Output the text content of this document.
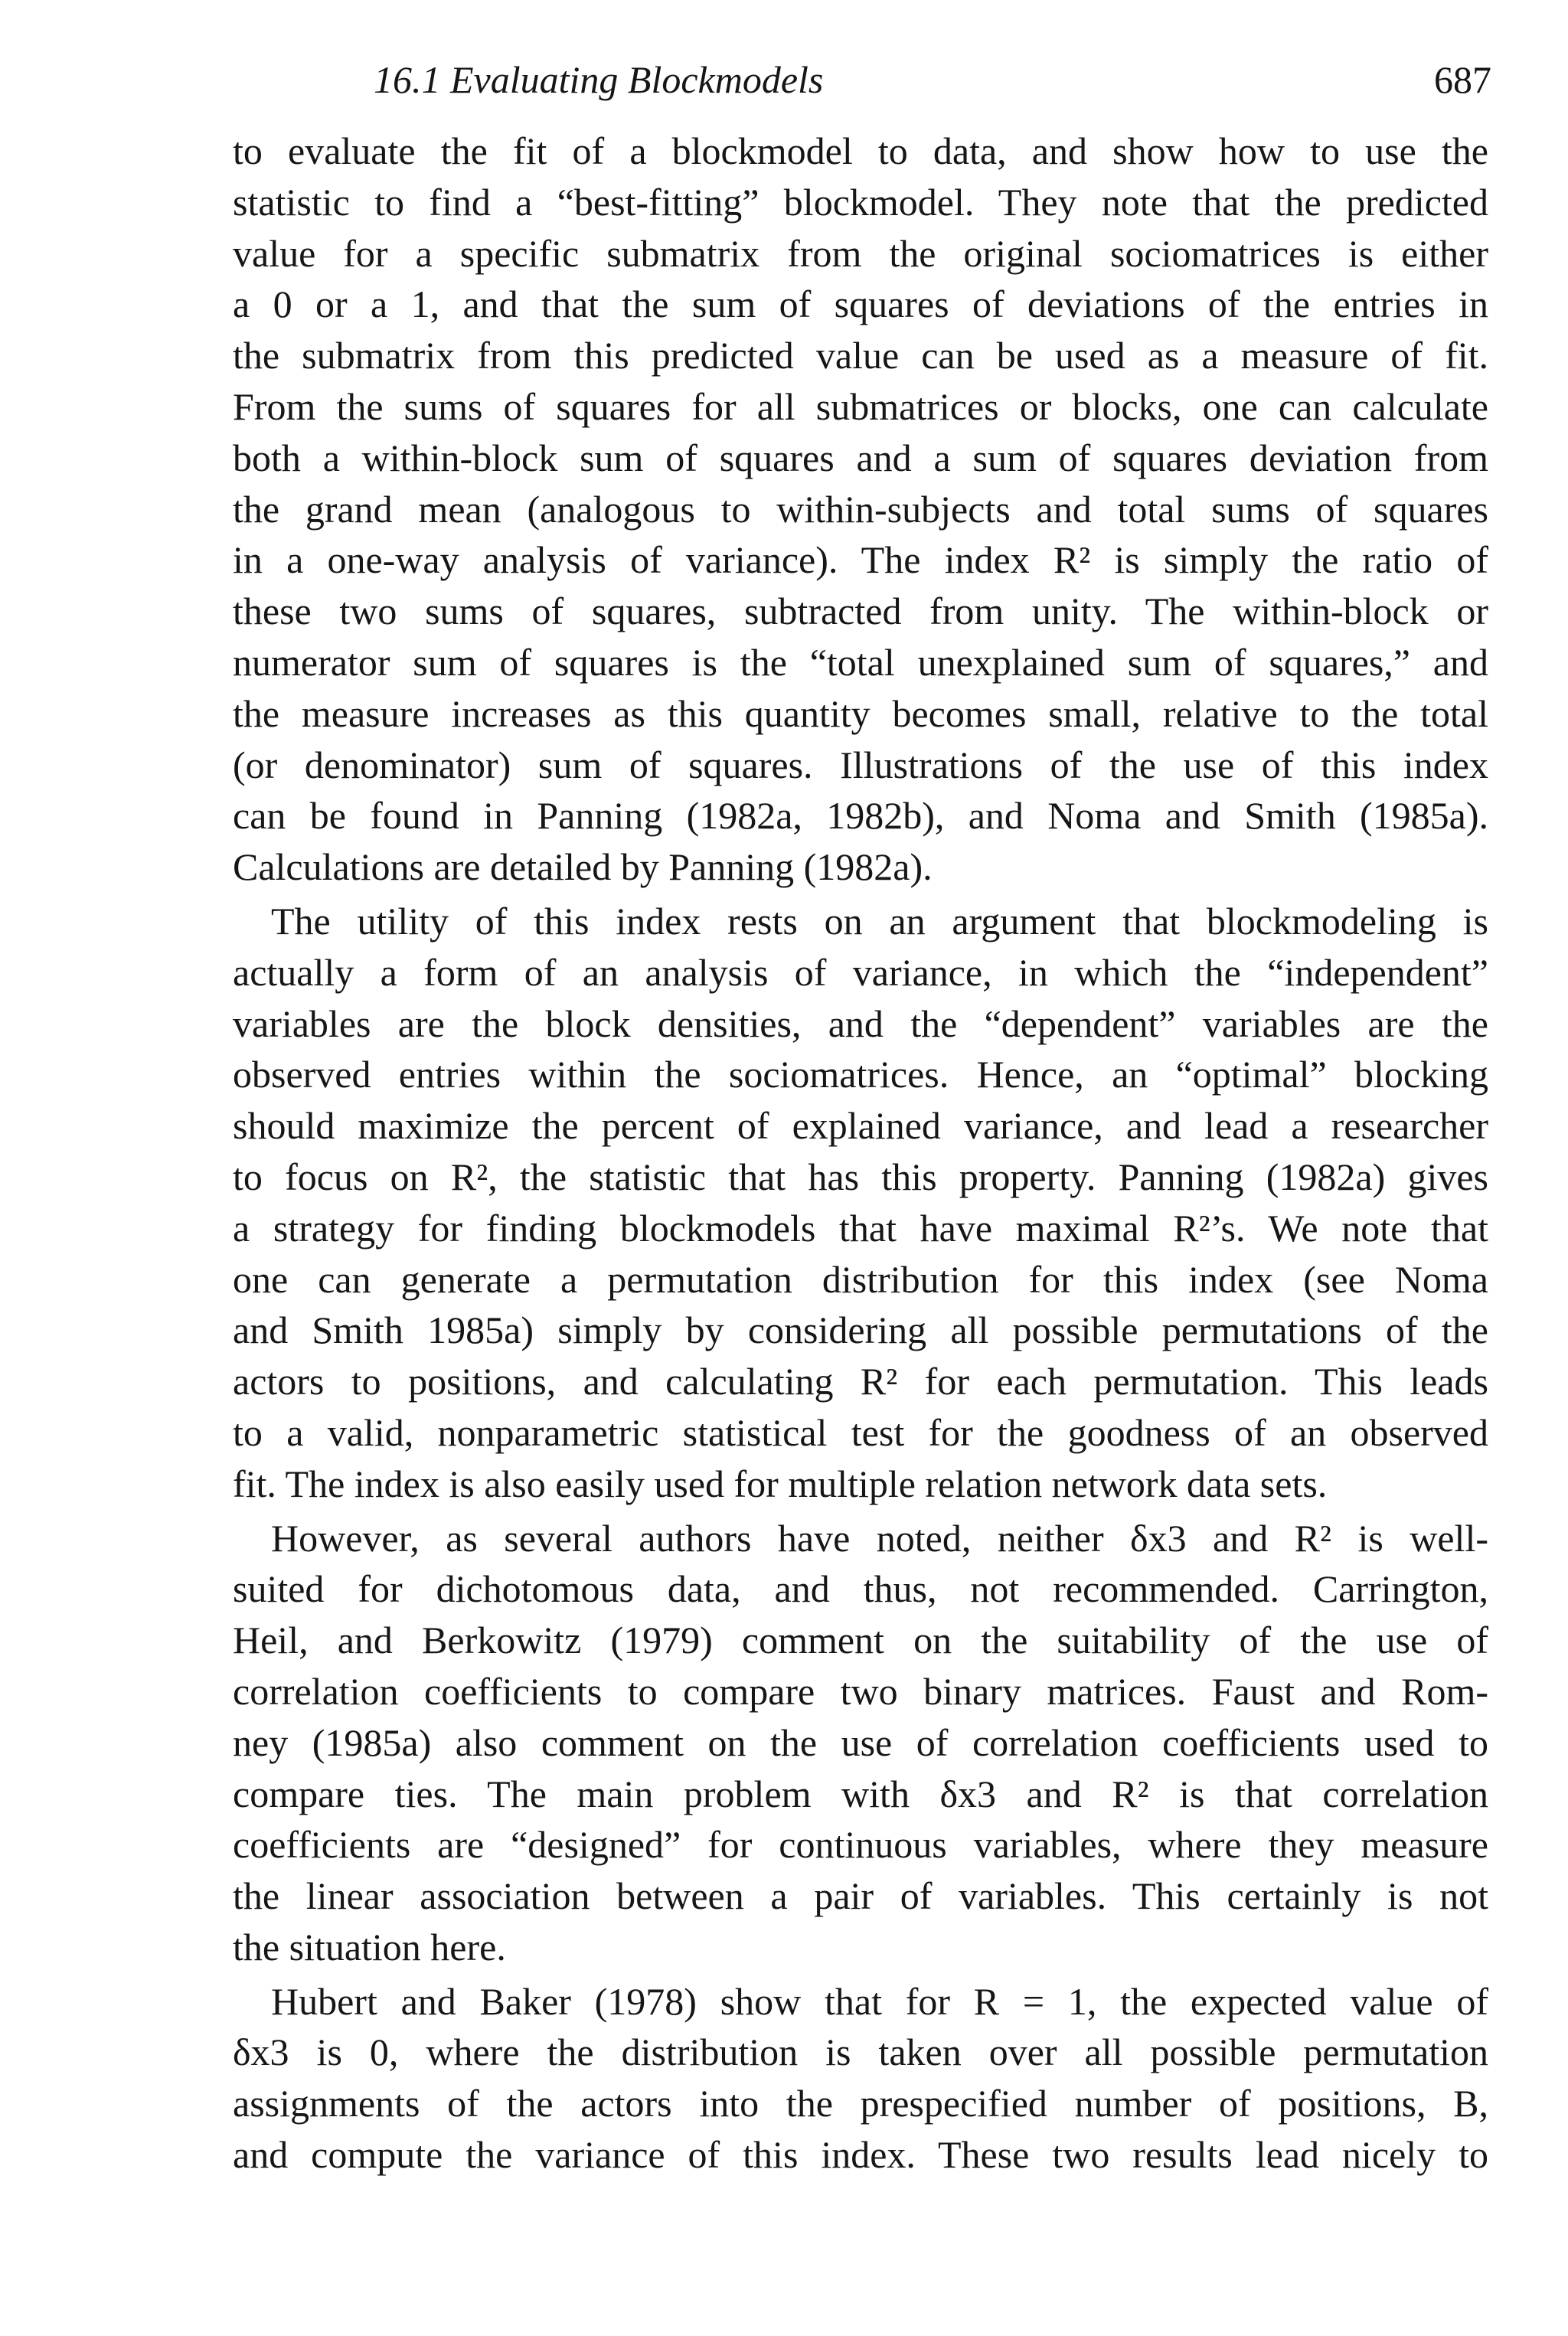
16.1 Evaluating Blockmodels	687
to evaluate the fit of a blockmodel to data, and show how to use the
statistic to find a “best-fitting” blockmodel. They note that the predicted
value for a specific submatrix from the original sociomatrices is either
a 0 or a 1, and that the sum of squares of deviations of the entries in
the submatrix from this predicted value can be used as a measure of fit.
From the sums of squares for all submatrices or blocks, one can calculate
both a within-block sum of squares and a sum of squares deviation from
the grand mean (analogous to within-subjects and total sums of squares
in a one-way analysis of variance). The index R² is simply the ratio of
these two sums of squares, subtracted from unity. The within-block or
numerator sum of squares is the “total unexplained sum of squares,” and
the measure increases as this quantity becomes small, relative to the total
(or denominator) sum of squares. Illustrations of the use of this index
can be found in Panning (1982a, 1982b), and Noma and Smith (1985a).
Calculations are detailed by Panning (1982a).
The utility of this index rests on an argument that blockmodeling is
actually a form of an analysis of variance, in which the “independent”
variables are the block densities, and the “dependent” variables are the
observed entries within the sociomatrices. Hence, an “optimal” blocking
should maximize the percent of explained variance, and lead a researcher
to focus on R², the statistic that has this property. Panning (1982a) gives
a strategy for finding blockmodels that have maximal R²’s. We note that
one can generate a permutation distribution for this index (see Noma
and Smith 1985a) simply by considering all possible permutations of the
actors to positions, and calculating R² for each permutation. This leads
to a valid, nonparametric statistical test for the goodness of an observed
fit. The index is also easily used for multiple relation network data sets.
However, as several authors have noted, neither δx3 and R² is well-
suited for dichotomous data, and thus, not recommended. Carrington,
Heil, and Berkowitz (1979) comment on the suitability of the use of
correlation coefficients to compare two binary matrices. Faust and Rom-
ney (1985a) also comment on the use of correlation coefficients used to
compare ties. The main problem with δx3 and R² is that correlation
coefficients are “designed” for continuous variables, where they measure
the linear association between a pair of variables. This certainly is not
the situation here.
Hubert and Baker (1978) show that for R = 1, the expected value of
δx3 is 0, where the distribution is taken over all possible permutation
assignments of the actors into the prespecified number of positions, B,
and compute the variance of this index. These two results lead nicely to
